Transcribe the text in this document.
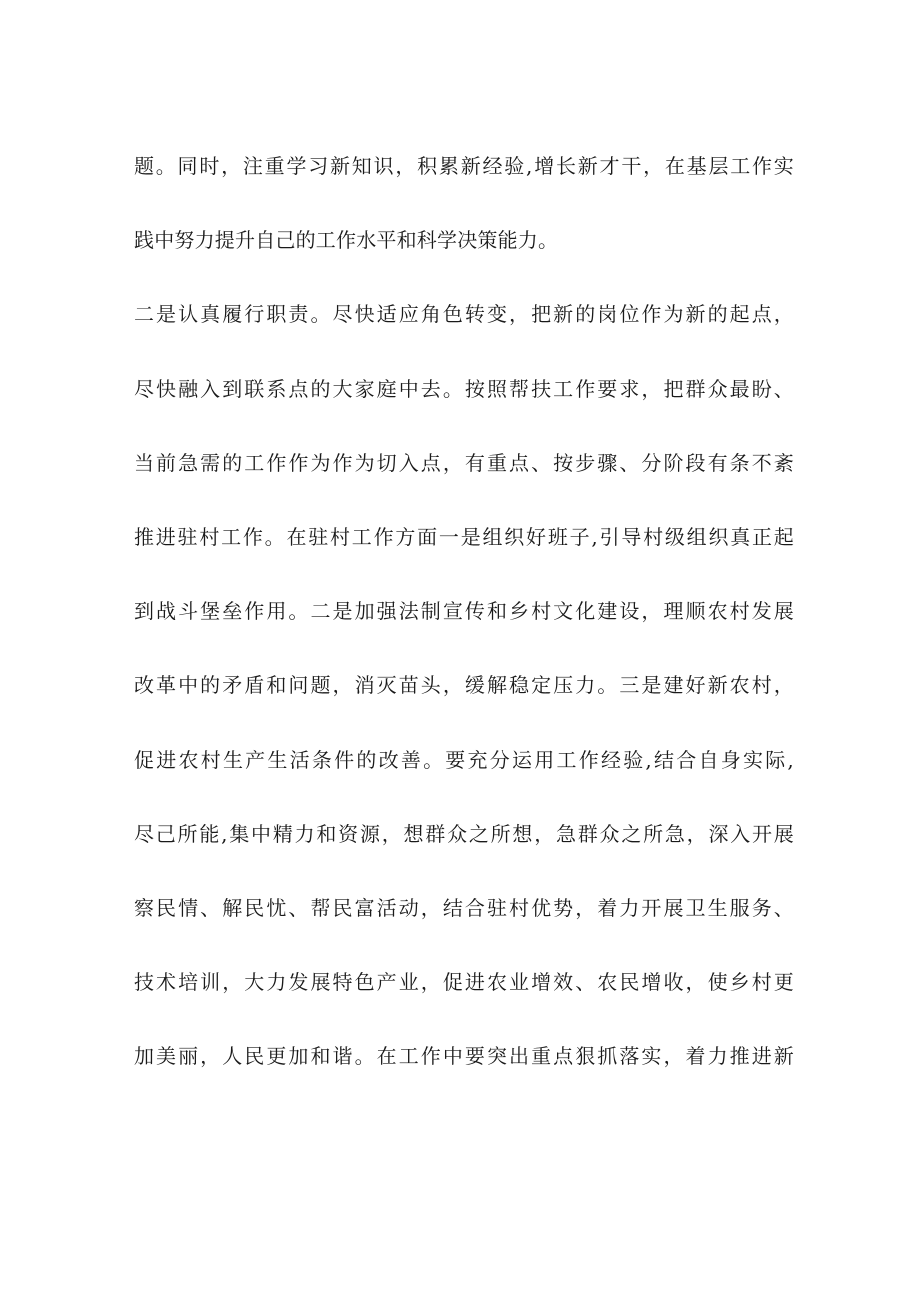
题。同时，注重学习新知识，积累新经验,增长新才干，在基层工作实
践中努力提升自己的工作水平和科学决策能力。
二是认真履行职责。尽快适应角色转变，把新的岗位作为新的起点，
尽快融入到联系点的大家庭中去。按照帮扶工作要求，把群众最盼、
当前急需的工作作为作为切入点，有重点、按步骤、分阶段有条不紊
推进驻村工作。在驻村工作方面一是组织好班子,引导村级组织真正起
到战斗堡垒作用。二是加强法制宣传和乡村文化建设，理顺农村发展
改革中的矛盾和问题，消灭苗头，缓解稳定压力。三是建好新农村，
促进农村生产生活条件的改善。要充分运用工作经验,结合自身实际,
尽己所能,集中精力和资源，想群众之所想，急群众之所急，深入开展
察民情、解民忧、帮民富活动，结合驻村优势，着力开展卫生服务、
技术培训，大力发展特色产业，促进农业增效、农民增收，使乡村更
加美丽，人民更加和谐。在工作中要突出重点狠抓落实，着力推进新
